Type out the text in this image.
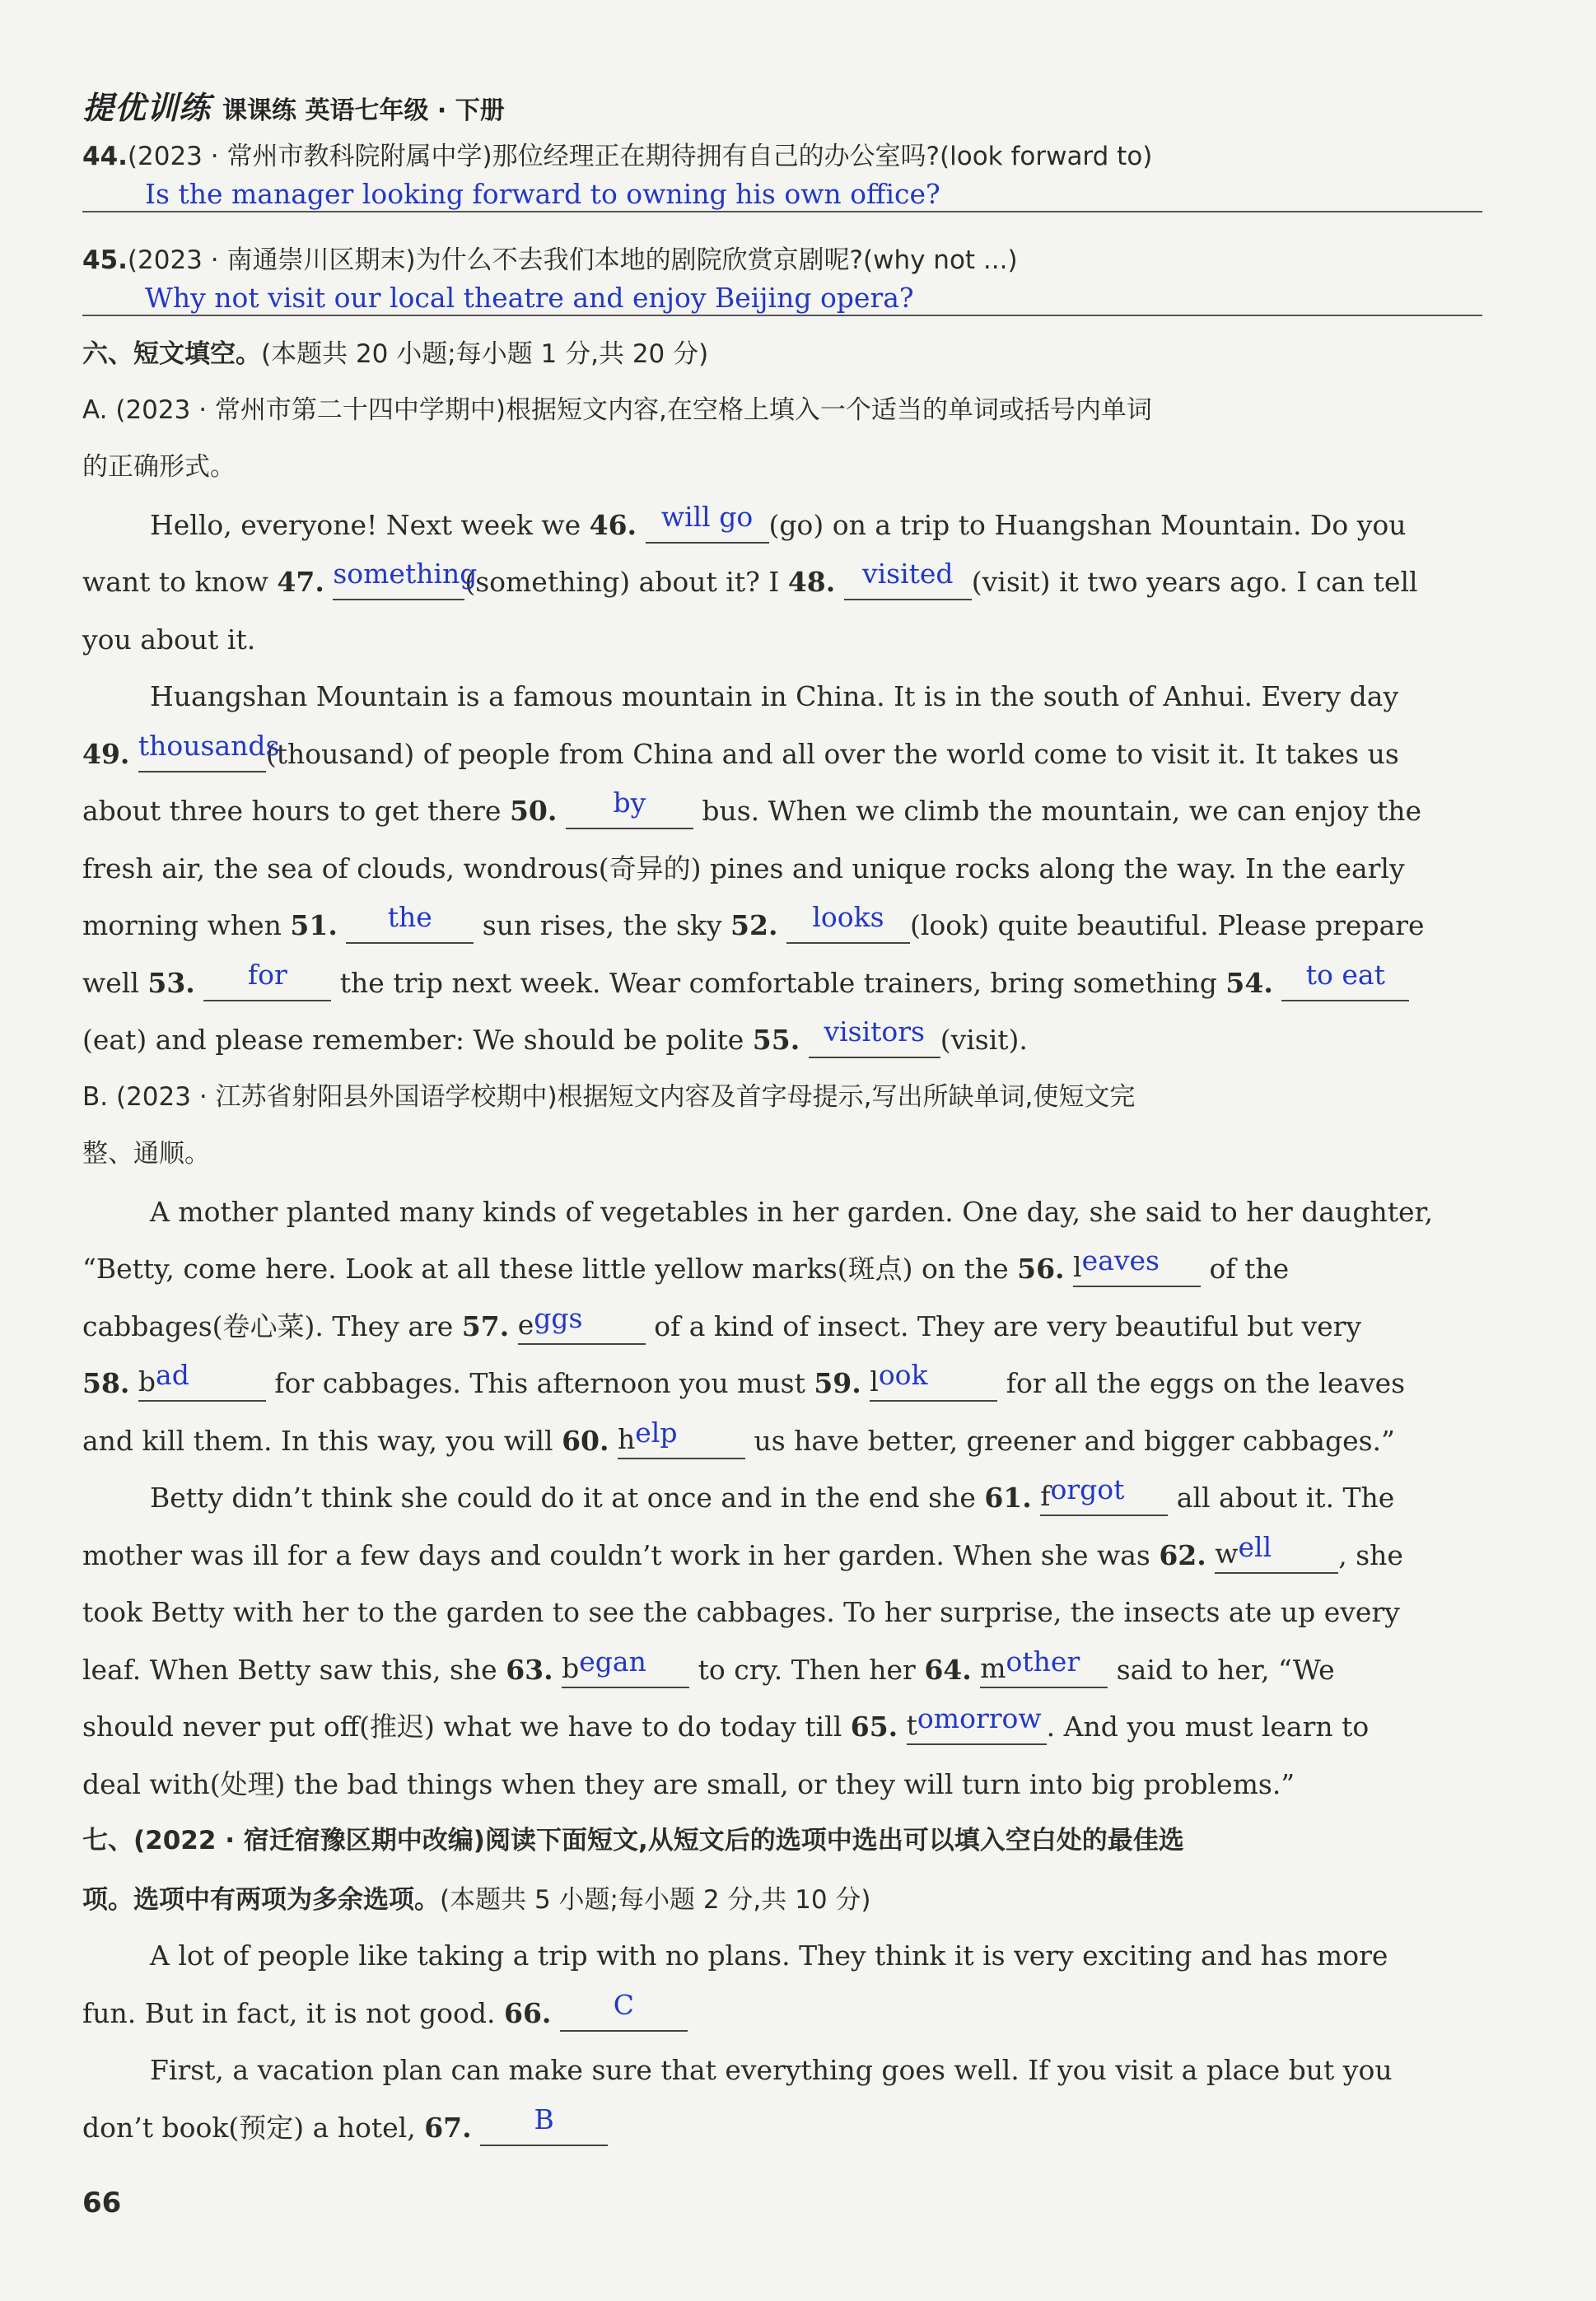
提优训练 课课练 英语七年级 · 下册
44.(2023 · 常州市教科院附属中学)那位经理正在期待拥有自己的办公室吗?(look forward to)
Is the manager looking forward to owning his own office?
45.(2023 · 南通崇川区期末)为什么不去我们本地的剧院欣赏京剧呢?(why not ...)
Why not visit our local theatre and enjoy Beijing opera?
六、短文填空。(本题共 20 小题;每小题 1 分,共 20 分)
A. (2023 · 常州市第二十四中学期中)根据短文内容,在空格上填入一个适当的单词或括号内单词
的正确形式。
Hello, everyone! Next week we 46. will go (go) on a trip to Huangshan Mountain. Do you
want to know 47. something(something) about it? I 48. visited (visit) it two years ago. I can tell
you about it.
Huangshan Mountain is a famous mountain in China. It is in the south of Anhui. Every day
49. thousands(thousand) of people from China and all over the world come to visit it. It takes us
about three hours to get there 50. by bus. When we climb the mountain, we can enjoy the
fresh air, the sea of clouds, wondrous(奇异的) pines and unique rocks along the way. In the early
morning when 51. the sun rises, the sky 52. looks (look) quite beautiful. Please prepare
well 53. for the trip next week. Wear comfortable trainers, bring something 54. to eat
(eat) and please remember: We should be polite 55. visitors (visit).
B. (2023 · 江苏省射阳县外国语学校期中)根据短文内容及首字母提示,写出所缺单词,使短文完
整、通顺。
A mother planted many kinds of vegetables in her garden. One day, she said to her daughter,
“Betty, come here. Look at all these little yellow marks(斑点) on the 56. leaves of the
cabbages(卷心菜). They are 57. eggs of a kind of insect. They are very beautiful but very
58. bad	for cabbages. This afternoon you must 59. look	for all the eggs on the leaves
and kill them. In this way, you will 60. help	us have better, greener and bigger cabbages.”
Betty didn’t think she could do it at once and in the end she 61. forgot all about it. The
mother was ill for a few days and couldn’t work in her garden. When she was 62. well , she
took Betty with her to the garden to see the cabbages. To her surprise, the insects ate up every
leaf. When Betty saw this, she 63. began to cry. Then her 64. mother said to her, “We
should never put off(推迟) what we have to do today till 65. tomorrow . And you must learn to
deal with(处理) the bad things when they are small, or they will turn into big problems.”
七、(2022 · 宿迁宿豫区期中改编)阅读下面短文,从短文后的选项中选出可以填入空白处的最佳选
项。选项中有两项为多余选项。(本题共 5 小题;每小题 2 分,共 10 分)
A lot of people like taking a trip with no plans. They think it is very exciting and has more
fun. But in fact, it is not good. 66. C
First, a vacation plan can make sure that everything goes well. If you visit a place but you
don’t book(预定) a hotel, 67. B
66
